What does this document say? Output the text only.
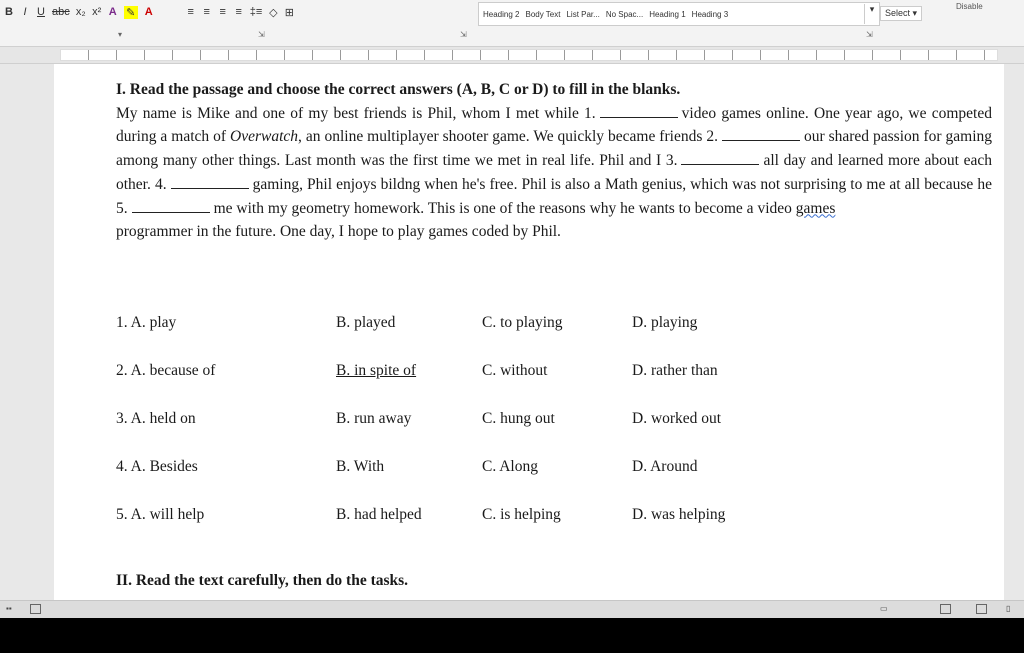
B I U abc x₂ x² A ✎ A	≡ ≡ ≡ ≡ ‡≡ ◇ ⊞	Heading 2 Body Text List Par... No Spac... Heading 1 Heading 3	▾	Select ▾
Disable
▾	⇲	⇲	⇲
I. Read the passage and choose the correct answers (A, B, C or D) to fill in the blanks.
My name is Mike and one of my best friends is Phil, whom I met while 1.	video games online. One year ago, we competed during a match of Overwatch, an online multiplayer shooter game. We quickly became friends 2.	our shared passion for gaming among many other things. Last month was the first time we met in real life. Phil and I 3.	all day and learned more about each other. 4.	gaming, Phil enjoys bildng when he's free. Phil is also a Math genius, which was not surprising to me at all because he 5.	me with my geometry homework. This is one of the reasons why he wants to become a video games
programmer in the future. One day, I hope to play games coded by Phil.
1. A. play	B. played	C. to playing	D. playing
2. A. because of	B. in spite of	C. without	D. rather than
3. A. held on	B. run away	C. hung out	D. worked out
4. A. Besides	B. With	C. Along	D. Around
5. A. will help	B. had helped	C. is helping	D. was helping
II. Read the text carefully, then do the tasks.
▪▪	▭	▯
